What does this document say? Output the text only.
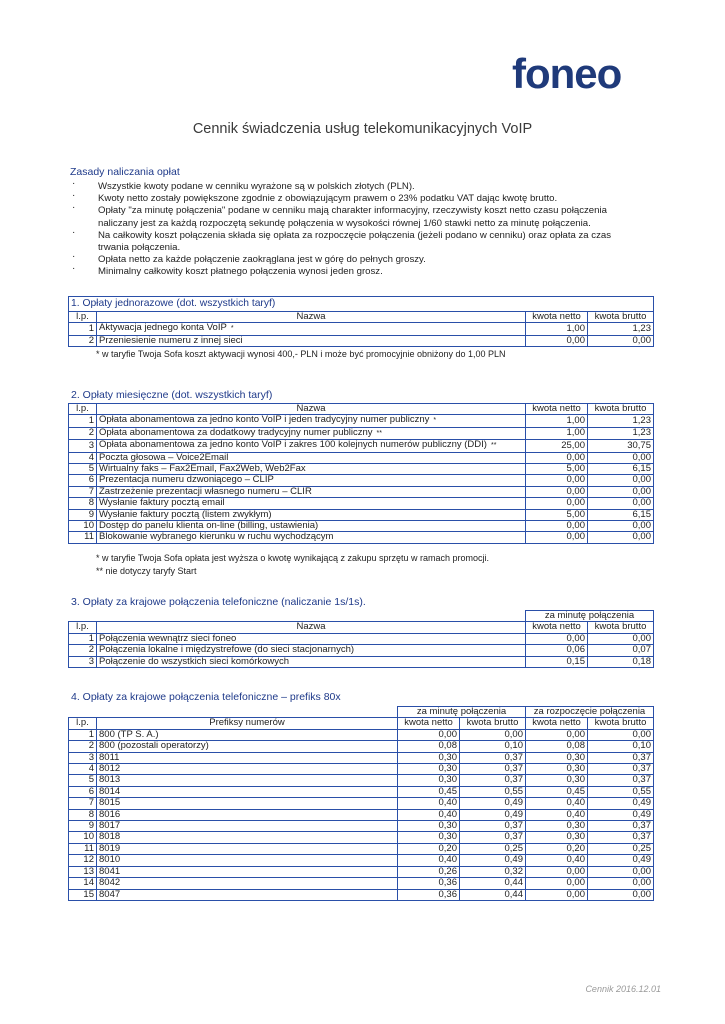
foneo
Cennik świadczenia usług telekomunikacyjnych VoIP
Zasady naliczania opłat
· Wszystkie kwoty podane w cenniku wyrażone są w polskich złotych (PLN).
· Kwoty netto zostały powiększone zgodnie z obowiązującym prawem o 23% podatku VAT dając kwotę brutto.
· Opłaty "za minutę połączenia" podane w cenniku mają charakter informacyjny, rzeczywisty koszt netto czasu połączenia naliczany jest za każdą rozpoczętą sekundę połączenia w wysokości równej 1/60 stawki netto za minutę połączenia.
· Na całkowity koszt połączenia składa się opłata za rozpoczęcie połączenia (jeżeli podano w cenniku) oraz opłata za czas trwania połączenia.
· Opłata netto za każde połączenie zaokrąglana jest w górę do pełnych groszy.
· Minimalny całkowity koszt płatnego połączenia wynosi jeden grosz.
1. Opłaty jednorazowe (dot. wszystkich taryf)			
l.p.	Nazwa	kwota netto	kwota brutto
1	Aktywacja jednego konta VoIP *	1,00	1,23
2	Przeniesienie numeru z innej sieci	0,00	0,00
* w taryfie Twoja Sofa koszt aktywacji wynosi 400,- PLN i może być promocyjnie obniżony do 1,00 PLN
2. Opłaty miesięczne (dot. wszystkich taryf)
l.p.	Nazwa	kwota netto	kwota brutto
1	Opłata abonamentowa za jedno konto VoIP i jeden tradycyjny numer publiczny *	1,00	1,23
2	Opłata abonamentowa za dodatkowy tradycyjny numer publiczny **	1,00	1,23
3	Opłata abonamentowa za jedno konto VoIP i zakres 100 kolejnych numerów publiczny (DDI) **	25,00	30,75
4	Poczta głosowa – Voice2Email	0,00	0,00
5	Wirtualny faks – Fax2Email, Fax2Web, Web2Fax	5,00	6,15
6	Prezentacja numeru dzwoniącego – CLIP	0,00	0,00
7	Zastrzeżenie prezentacji własnego numeru – CLIR	0,00	0,00
8	Wysłanie faktury pocztą email	0,00	0,00
9	Wysłanie faktury pocztą (listem zwykłym)	5,00	6,15
10	Dostęp do panelu klienta on-line (billing, ustawienia)	0,00	0,00
11	Blokowanie wybranego kierunku w ruchu wychodzącym	0,00	0,00
* w taryfie Twoja Sofa opłata jest wyższa o kwotę wynikającą z zakupu sprzętu w ramach promocji.
** nie dotyczy taryfy Start
3. Opłaty za krajowe połączenia telefoniczne (naliczanie 1s/1s).
		za minutę połączenia	
l.p.	Nazwa	kwota netto	kwota brutto
1	Połączenia wewnątrz sieci foneo	0,00	0,00
2	Połączenia lokalne i międzystrefowe (do sieci stacjonarnych)	0,06	0,07
3	Połączenie do wszystkich sieci komórkowych	0,15	0,18
4. Opłaty za krajowe połączenia telefoniczne – prefiks 80x
		za minutę połączenia		za rozpoczęcie połączenia	
l.p.	Prefiksy numerów	kwota netto	kwota brutto	kwota netto	kwota brutto
1	800 (TP S. A.)	0,00	0,00	0,00	0,00
2	800 (pozostali operatorzy)	0,08	0,10	0,08	0,10
3	8011	0,30	0,37	0,30	0,37
4	8012	0,30	0,37	0,30	0,37
5	8013	0,30	0,37	0,30	0,37
6	8014	0,45	0,55	0,45	0,55
7	8015	0,40	0,49	0,40	0,49
8	8016	0,40	0,49	0,40	0,49
9	8017	0,30	0,37	0,30	0,37
10	8018	0,30	0,37	0,30	0,37
11	8019	0,20	0,25	0,20	0,25
12	8010	0,40	0,49	0,40	0,49
13	8041	0,26	0,32	0,00	0,00
14	8042	0,36	0,44	0,00	0,00
15	8047	0,36	0,44	0,00	0,00
Cennik 2016.12.01
